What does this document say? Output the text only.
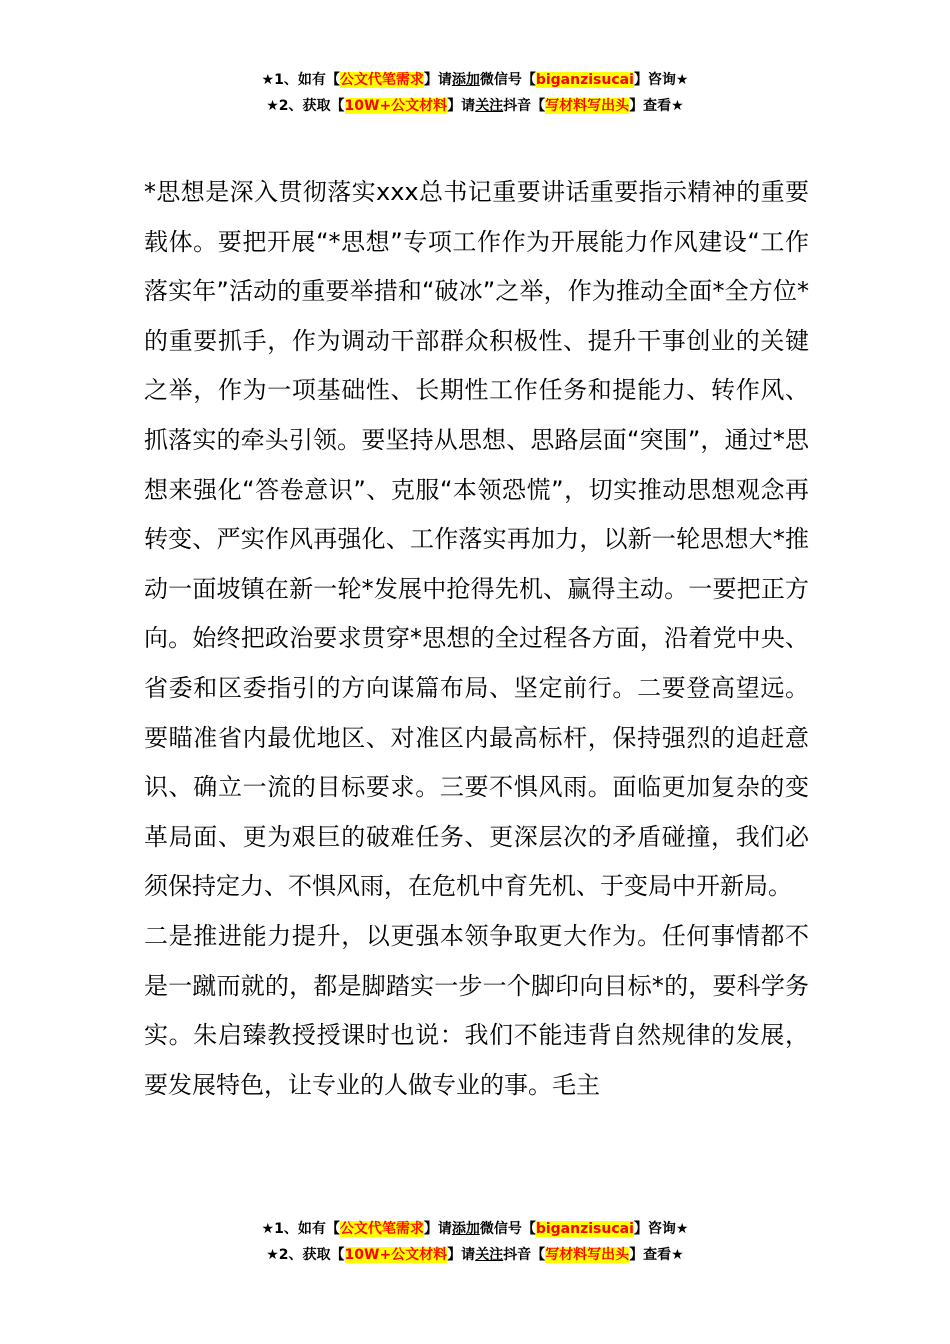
★1、如有【公文代笔需求】请添加微信号【biganzisucai】咨询★
★2、获取【10W+公文材料】请关注抖音【写材料写出头】查看★

*思想是深入贯彻落实xxx总书记重要讲话重要指示精神的重要载体。要把开展“*思想”专项工作作为开展能力作风建设“工作落实年”活动的重要举措和“破冰”之举，作为推动全面*全方位*的重要抓手，作为调动干部群众积极性、提升干事创业的关键之举，作为一项基础性、长期性工作任务和提能力、转作风、抓落实的牵头引领。要坚持从思想、思路层面“突围”，通过*思想来强化“答卷意识”、克服“本领恐慌”，切实推动思想观念再转变、严实作风再强化、工作落实再加力，以新一轮思想大*推动一面坡镇在新一轮*发展中抢得先机、赢得主动。一要把正方向。始终把政治要求贯穿*思想的全过程各方面，沿着党中央、省委和区委指引的方向谋篇布局、坚定前行。二要登高望远。要瞄准省内最优地区、对准区内最高标杆，保持强烈的追赶意识、确立一流的目标要求。三要不惧风雨。面临更加复杂的变革局面、更为艰巨的破难任务、更深层次的矛盾碰撞，我们必须保持定力、不惧风雨，在危机中育先机、于变局中开新局。

二是推进能力提升，以更强本领争取更大作为。任何事情都不是一蹴而就的，都是脚踏实一步一个脚印向目标*的，要科学务实。朱启臻教授授课时也说：我们不能违背自然规律的发展，要发展特色，让专业的人做专业的事。毛主

★1、如有【公文代笔需求】请添加微信号【biganzisucai】咨询★
★2、获取【10W+公文材料】请关注抖音【写材料写出头】查看★
